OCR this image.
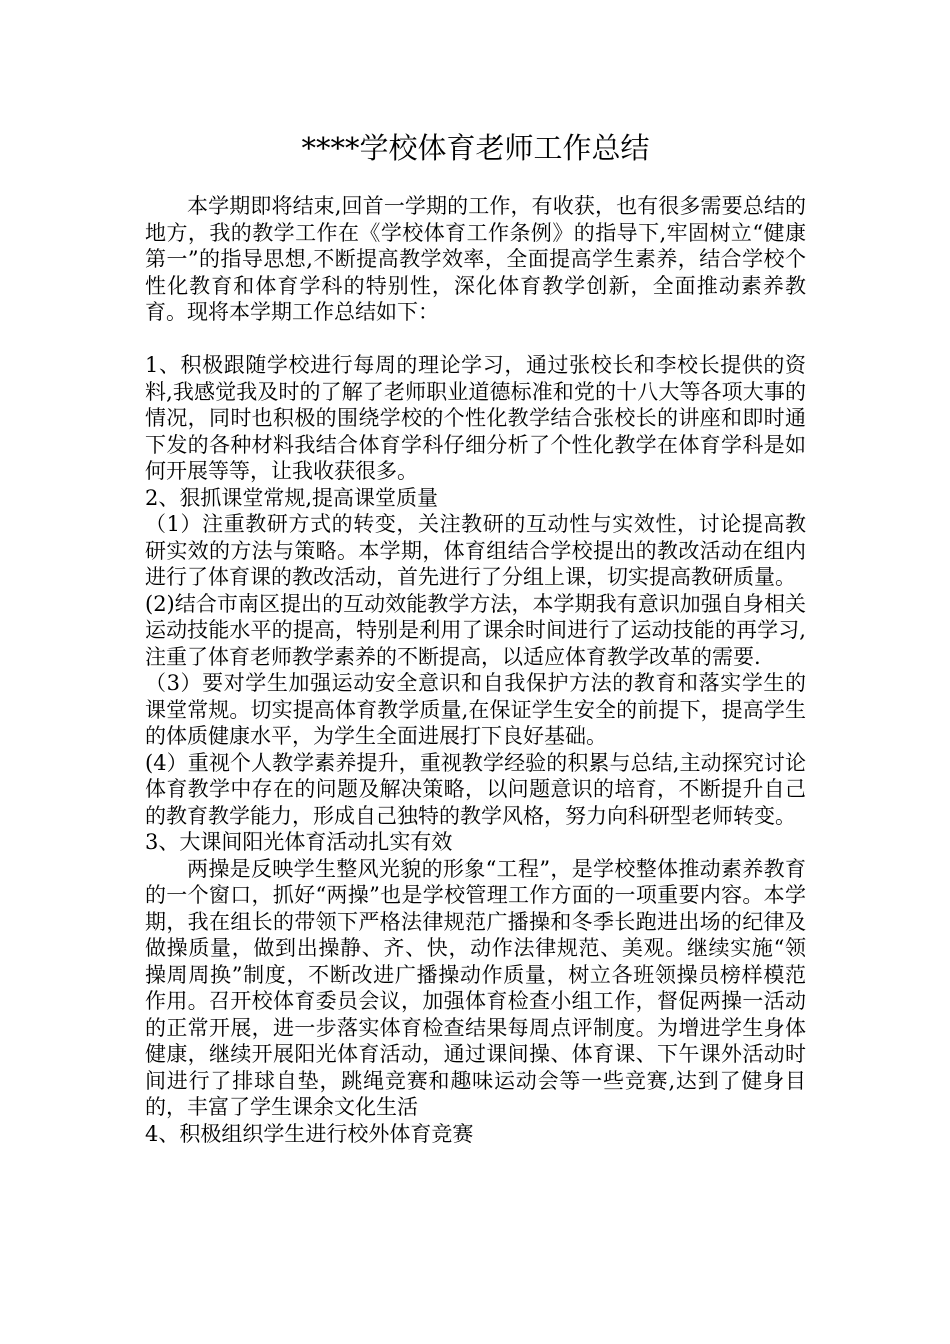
****学校体育老师工作总结

本学期即将结束,回首一学期的工作，有收获，也有很多需要总结的地方，我的教学工作在《学校体育工作条例》的指导下,牢固树立“健康第一”的指导思想,不断提高教学效率，全面提高学生素养，结合学校个性化教育和体育学科的特别性，深化体育教学创新，全面推动素养教育。现将本学期工作总结如下：

1、积极跟随学校进行每周的理论学习，通过张校长和李校长提供的资料,我感觉我及时的了解了老师职业道德标准和党的十八大等各项大事的情况，同时也积极的围绕学校的个性化教学结合张校长的讲座和即时通下发的各种材料我结合体育学科仔细分析了个性化教学在体育学科是如何开展等等，让我收获很多。

2、狠抓课堂常规,提高课堂质量

（1）注重教研方式的转变，关注教研的互动性与实效性，讨论提高教研实效的方法与策略。本学期，体育组结合学校提出的教改活动在组内进行了体育课的教改活动，首先进行了分组上课，切实提高教研质量。

(2)结合市南区提出的互动效能教学方法，本学期我有意识加强自身相关运动技能水平的提高，特别是利用了课余时间进行了运动技能的再学习,注重了体育老师教学素养的不断提高，以适应体育教学改革的需要.

（3）要对学生加强运动安全意识和自我保护方法的教育和落实学生的课堂常规。切实提高体育教学质量,在保证学生安全的前提下，提高学生的体质健康水平，为学生全面进展打下良好基础。

(4）重视个人教学素养提升，重视教学经验的积累与总结,主动探究讨论体育教学中存在的问题及解决策略，以问题意识的培育，不断提升自己的教育教学能力，形成自己独特的教学风格，努力向科研型老师转变。

3、大课间阳光体育活动扎实有效

两操是反映学生整风光貌的形象“工程”，是学校整体推动素养教育的一个窗口，抓好“两操”也是学校管理工作方面的一项重要内容。本学期，我在组长的带领下严格法律规范广播操和冬季长跑进出场的纪律及做操质量，做到出操静、齐、快，动作法律规范、美观。继续实施“领操周周换”制度，不断改进广播操动作质量，树立各班领操员榜样模范作用。召开校体育委员会议，加强体育检查小组工作，督促两操一活动的正常开展，进一步落实体育检查结果每周点评制度。为增进学生身体健康，继续开展阳光体育活动，通过课间操、体育课、下午课外活动时间进行了排球自垫，跳绳竞赛和趣味运动会等一些竞赛,达到了健身目的，丰富了学生课余文化生活

4、积极组织学生进行校外体育竞赛
